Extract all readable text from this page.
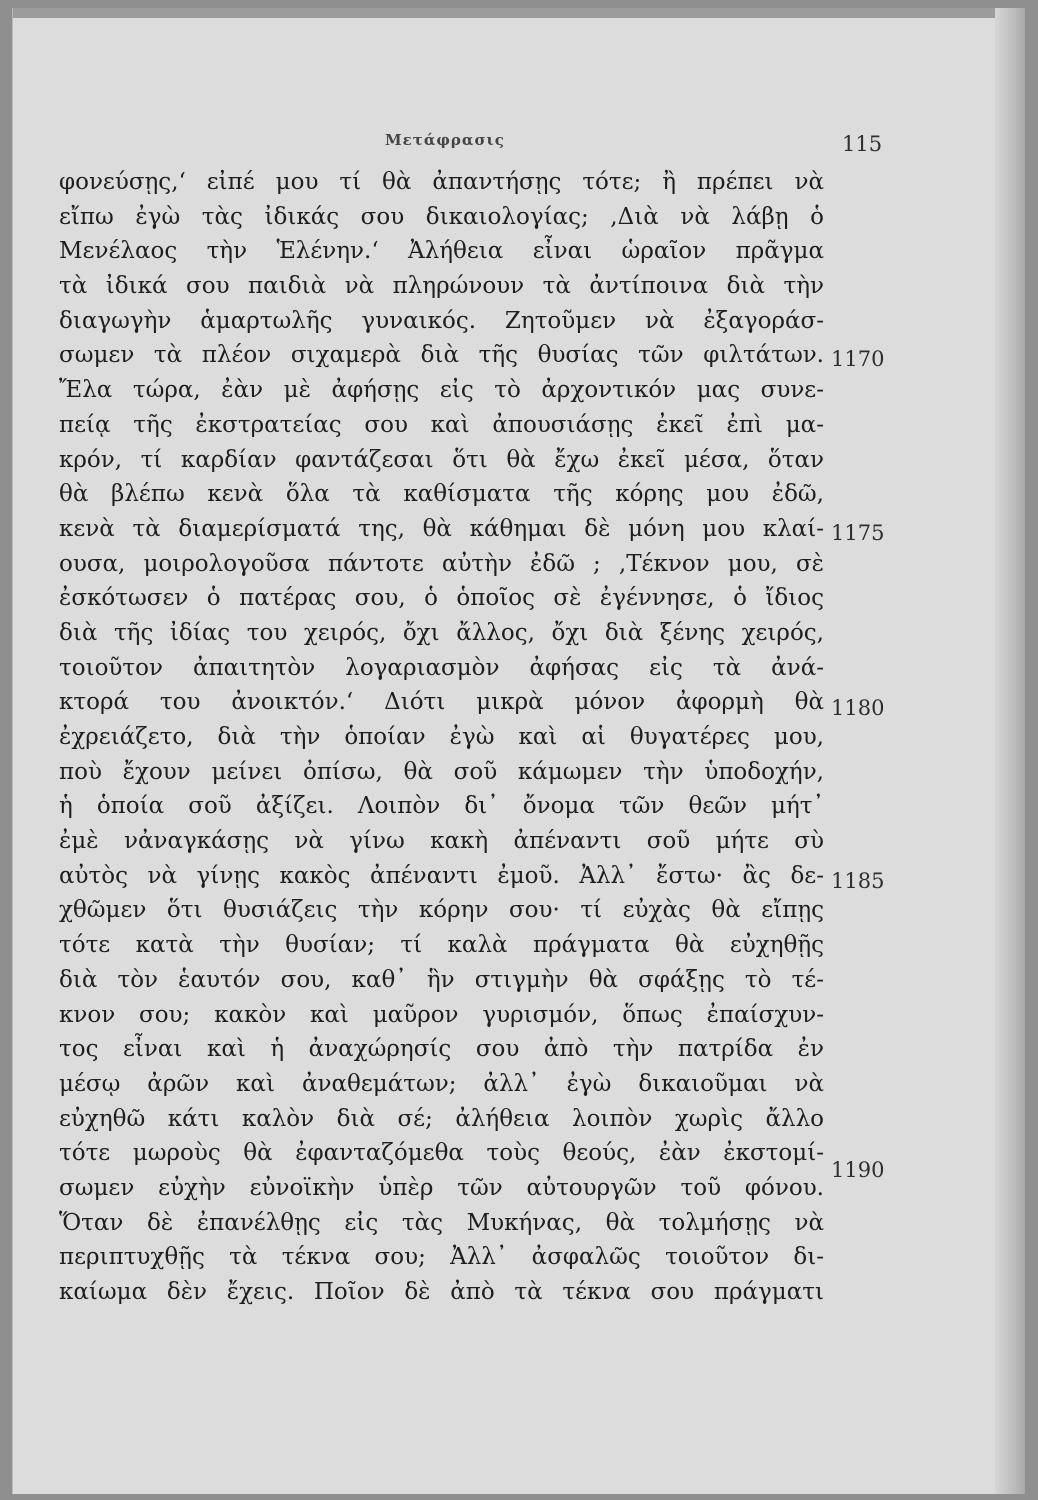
Μετάφρασις	115
φονεύσῃς,‘ εἰπέ μου τί θὰ ἀπαντήσῃς τότε; ἢ πρέπει νὰ
εἴπω ἐγὼ τὰς ἰδικάς σου δικαιολογίας; ,Διὰ νὰ λάβῃ ὁ
Μενέλαος τὴν Ἑλένην.‘ Ἀλήθεια εἶναι ὡραῖον πρᾶγμα
τὰ ἰδικά σου παιδιὰ νὰ πληρώνουν τὰ ἀντίποινα διὰ τὴν
διαγωγὴν ἁμαρτωλῆς γυναικός. Ζητοῦμεν νὰ ἐξαγοράσ-
σωμεν τὰ πλέον σιχαμερὰ διὰ τῆς θυσίας τῶν φιλτάτων.
Ἔλα τώρα, ἐὰν μὲ ἀφήσῃς εἰς τὸ ἀρχοντικόν μας συνε-
πείᾳ τῆς ἐκστρατείας σου καὶ ἀπουσιάσῃς ἐκεῖ ἐπὶ μα-
κρόν, τί καρδίαν φαντάζεσαι ὅτι θὰ ἔχω ἐκεῖ μέσα, ὅταν
θὰ βλέπω κενὰ ὅλα τὰ καθίσματα τῆς κόρης μου ἐδῶ,
κενὰ τὰ διαμερίσματά της, θὰ κάθημαι δὲ μόνη μου κλαί-
ουσα, μοιρολογοῦσα πάντοτε αὐτὴν ἐδῶ ; ,Τέκνον μου, σὲ
ἐσκότωσεν ὁ πατέρας σου, ὁ ὁποῖος σὲ ἐγέννησε, ὁ ἴδιος
διὰ τῆς ἰδίας του χειρός, ὄχι ἄλλος, ὄχι διὰ ξένης χειρός,
τοιοῦτον ἀπαιτητὸν λογαριασμὸν ἀφήσας εἰς τὰ ἀνά-
κτορά του ἀνοικτόν.‘ Διότι μικρὰ μόνον ἀφορμὴ θὰ
ἐχρειάζετο, διὰ τὴν ὁποίαν ἐγὼ καὶ αἱ θυγατέρες μου,
ποὺ ἔχουν μείνει ὀπίσω, θὰ σοῦ κάμωμεν τὴν ὑποδοχήν,
ἡ ὁποία σοῦ ἀξίζει. Λοιπὸν δι᾽ ὄνομα τῶν θεῶν μήτ᾽
ἐμὲ νἀναγκάσῃς νὰ γίνω κακὴ ἀπέναντι σοῦ μήτε σὺ
αὐτὸς νὰ γίνῃς κακὸς ἀπέναντι ἐμοῦ. Ἀλλ᾽ ἔστω· ἂς δε-
χθῶμεν ὅτι θυσιάζεις τὴν κόρην σου· τί εὐχὰς θὰ εἴπῃς
τότε κατὰ τὴν θυσίαν; τί καλὰ πράγματα θὰ εὐχηθῇς
διὰ τὸν ἑαυτόν σου, καθ᾽ ἣν στιγμὴν θὰ σφάξῃς τὸ τέ-
κνον σου; κακὸν καὶ μαῦρον γυρισμόν, ὅπως ἐπαίσχυν-
τος εἶναι καὶ ἡ ἀναχώρησίς σου ἀπὸ τὴν πατρίδα ἐν
μέσῳ ἀρῶν καὶ ἀναθεμάτων; ἀλλ᾽ ἐγὼ δικαιοῦμαι νὰ
εὐχηθῶ κάτι καλὸν διὰ σέ; ἀλήθεια λοιπὸν χωρὶς ἄλλο
τότε μωροὺς θὰ ἐφανταζόμεθα τοὺς θεούς, ἐὰν ἐκστομί-
σωμεν εὐχὴν εὐνοϊκὴν ὑπὲρ τῶν αὐτουργῶν τοῦ φόνου.
Ὅταν δὲ ἐπανέλθῃς εἰς τὰς Μυκήνας, θὰ τολμήσῃς νὰ
περιπτυχθῇς τὰ τέκνα σου; Ἀλλ᾽ ἀσφαλῶς τοιοῦτον δι-
καίωμα δὲν ἔχεις. Ποῖον δὲ ἀπὸ τὰ τέκνα σου πράγματι
1170
1175
1180
1185
1190
